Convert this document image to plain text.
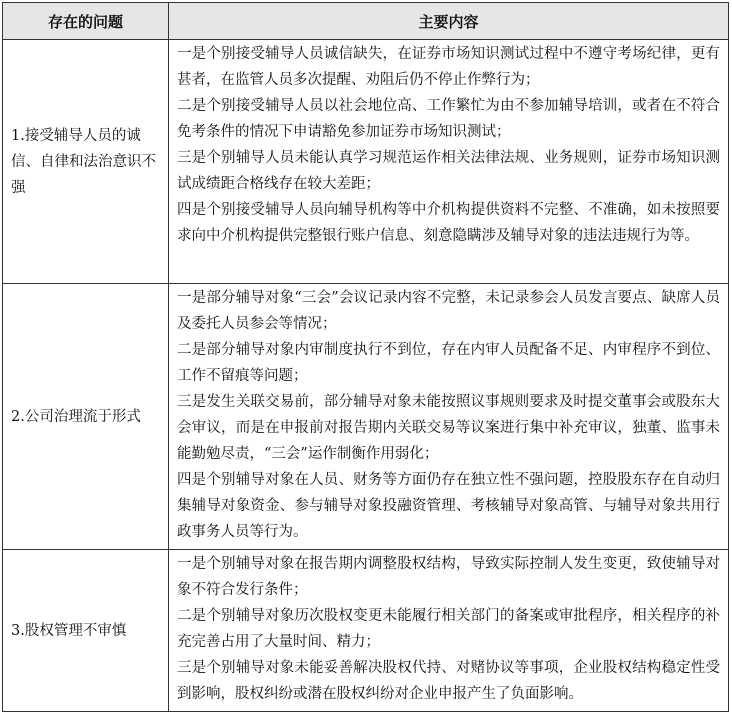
存在的问题	主要内容
1.接受辅导人员的诚信、自律和法治意识不强	一是个别接受辅导人员诚信缺失，在证券市场知识测试过程中不遵守考场纪律，更有甚者，在监管人员多次提醒、劝阻后仍不停止作弊行为；

二是个别接受辅导人员以社会地位高、工作繁忙为由不参加辅导培训，或者在不符合免考条件的情况下申请豁免参加证券市场知识测试；

三是个别辅导人员未能认真学习规范运作相关法律法规、业务规则，证券市场知识测试成绩距合格线存在较大差距；

四是个别接受辅导人员向辅导机构等中介机构提供资料不完整、不准确，如未按照要求向中介机构提供完整银行账户信息、刻意隐瞒涉及辅导对象的违法违规行为等。

2.公司治理流于形式	一是部分辅导对象“三会”会议记录内容不完整，未记录参会人员发言要点、缺席人员及委托人员参会等情况；

二是部分辅导对象内审制度执行不到位，存在内审人员配备不足、内审程序不到位、工作不留痕等问题；

三是发生关联交易前，部分辅导对象未能按照议事规则要求及时提交董事会或股东大会审议，而是在申报前对报告期内关联交易等议案进行集中补充审议，独董、监事未能勤勉尽责，“三会”运作制衡作用弱化；

四是个别辅导对象在人员、财务等方面仍存在独立性不强问题，控股股东存在自动归集辅导对象资金、参与辅导对象投融资管理、考核辅导对象高管、与辅导对象共用行政事务人员等行为。

3.股权管理不审慎	一是个别辅导对象在报告期内调整股权结构，导致实际控制人发生变更，致使辅导对象不符合发行条件；

二是个别辅导对象历次股权变更未能履行相关部门的备案或审批程序，相关程序的补充完善占用了大量时间、精力；

三是个别辅导对象未能妥善解决股权代持、对赌协议等事项，企业股权结构稳定性受到影响，股权纠纷或潜在股权纠纷对企业申报产生了负面影响。
